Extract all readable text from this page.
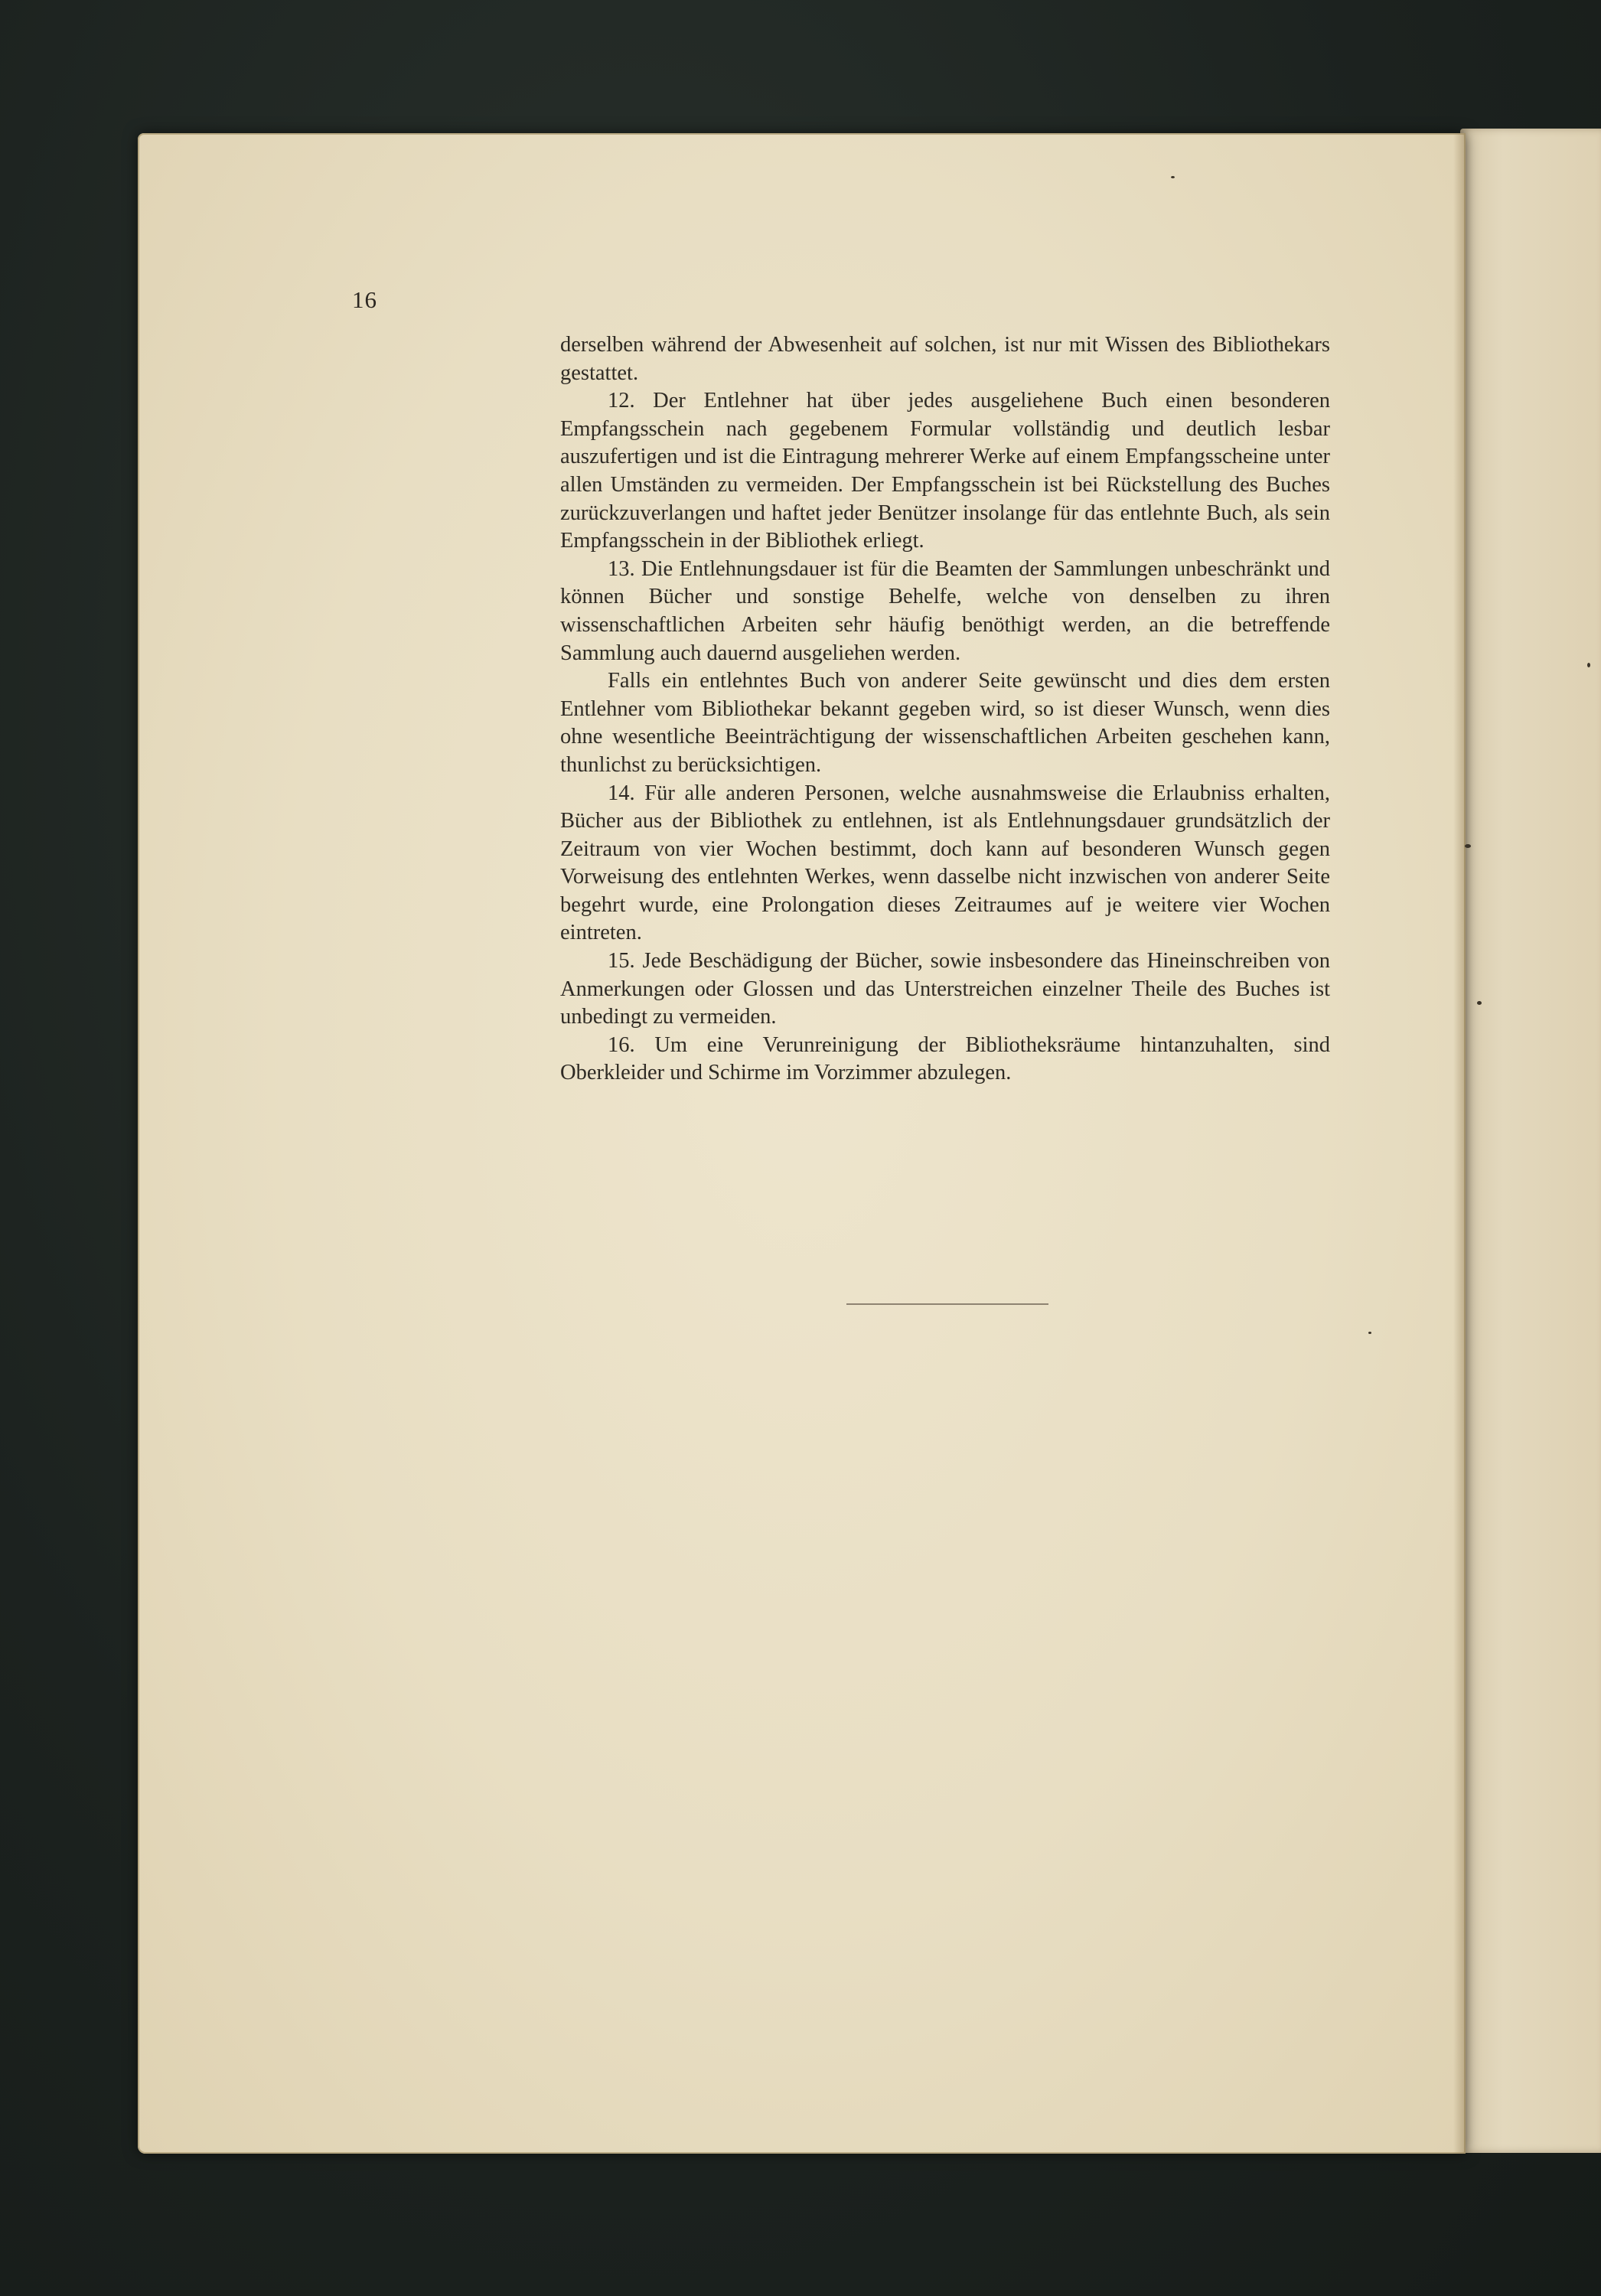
16

derselben während der Abwesenheit auf solchen, ist nur mit Wissen des Bibliothekars gestattet.

12. Der Entlehner hat über jedes ausgeliehene Buch einen besonderen Empfangsschein nach gegebenem Formular vollständig und deutlich lesbar auszufertigen und ist die Eintragung mehrerer Werke auf einem Empfangsscheine unter allen Umständen zu vermeiden. Der Empfangsschein ist bei Rückstellung des Buches zurückzuverlangen und haftet jeder Benützer insolange für das entlehnte Buch, als sein Empfangsschein in der Bibliothek erliegt.

13. Die Entlehnungsdauer ist für die Beamten der Sammlungen unbeschränkt und können Bücher und sonstige Behelfe, welche von denselben zu ihren wissenschaftlichen Arbeiten sehr häufig benöthigt werden, an die betreffende Sammlung auch dauernd ausgeliehen werden.

Falls ein entlehntes Buch von anderer Seite gewünscht und dies dem ersten Entlehner vom Bibliothekar bekannt gegeben wird, so ist dieser Wunsch, wenn dies ohne wesentliche Beeinträchtigung der wissenschaftlichen Arbeiten geschehen kann, thunlichst zu berücksichtigen.

14. Für alle anderen Personen, welche ausnahmsweise die Erlaubniss erhalten, Bücher aus der Bibliothek zu entlehnen, ist als Entlehnungsdauer grundsätzlich der Zeitraum von vier Wochen bestimmt, doch kann auf besonderen Wunsch gegen Vorweisung des entlehnten Werkes, wenn dasselbe nicht inzwischen von anderer Seite begehrt wurde, eine Prolongation dieses Zeitraumes auf je weitere vier Wochen eintreten.

15. Jede Beschädigung der Bücher, sowie insbesondere das Hineinschreiben von Anmerkungen oder Glossen und das Unterstreichen einzelner Theile des Buches ist unbedingt zu vermeiden.

16. Um eine Verunreinigung der Bibliotheksräume hintanzuhalten, sind Oberkleider und Schirme im Vorzimmer abzulegen.
